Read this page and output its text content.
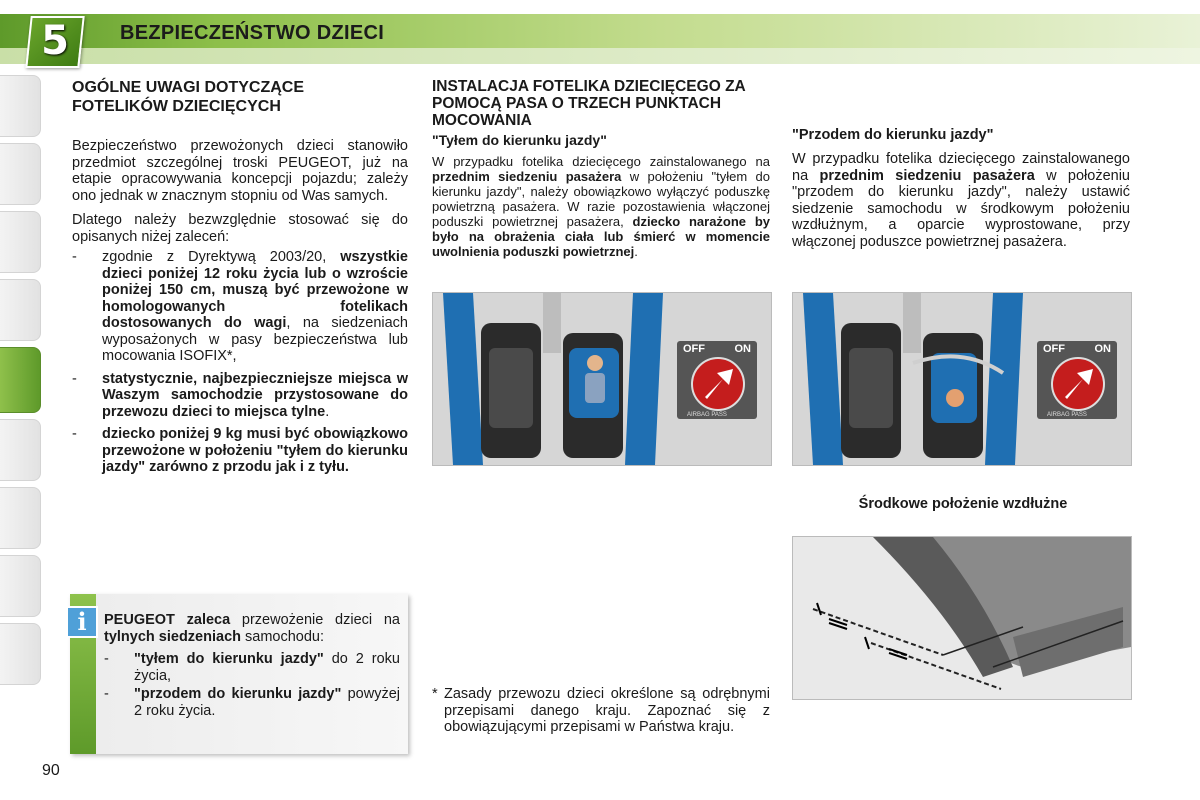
5	BEZPIECZEŃSTWO DZIECI
OGÓLNE UWAGI DOTYCZĄCE
FOTELIKÓW DZIECIĘCYCH

Bezpieczeństwo przewożonych dzieci stanowiło przedmiot szczególnej troski PEUGEOT, już na etapie opracowywania koncepcji pojazdu; zależy ono jednak w znacznym stopniu od Was samych.

Dlatego należy bezwzględnie stosować się do opisanych niżej zaleceń:

- zgodnie z Dyrektywą 2003/20, wszystkie dzieci poniżej 12 roku życia lub o wzroście poniżej 150 cm, muszą być przewożone w homologowanych fotelikach dostosowanych do wagi, na siedzeniach wyposażonych w pasy bezpieczeństwa lub mocowania ISOFIX*,
- statystycznie, najbezpieczniejsze miejsca w Waszym samochodzie przystosowane do przewozu dzieci to miejsca tylne.
- dziecko poniżej 9 kg musi być obowiązkowo przewożone w położeniu "tyłem do kierunku jazdy" zarówno z przodu jak i z tyłu.
i	PEUGEOT zaleca przewożenie dzieci na tylnych siedzeniach samochodu:
- "tyłem do kierunku jazdy" do 2 roku życia,
- "przodem do kierunku jazdy" powyżej 2 roku życia.
INSTALACJA FOTELIKA DZIECIĘCEGO ZA POMOCĄ PASA O TRZECH PUNKTACH MOCOWANIA
"Tyłem do kierunku jazdy"
W przypadku fotelika dziecięcego zainstalowanego na przednim siedzeniu pasażera w położeniu "tyłem do kierunku jazdy", należy obowiązkowo wyłączyć poduszkę powietrzną pasażera. W razie pozostawienia włączonej poduszki powietrznej pasażera, dziecko narażone by było na obrażenia ciała lub śmierć w momencie uwolnienia poduszki powietrznej.
"Przodem do kierunku jazdy"
W przypadku fotelika dziecięcego zainstalowanego na przednim siedzeniu pasażera w położeniu "przodem do kierunku jazdy", należy ustawić siedzenie samochodu w środkowym położeniu wzdłużnym, a oparcie wyprostowane, przy włączonej poduszce powietrznej pasażera.
OFF	ON
AIRBAG PASS
OFF	ON
AIRBAG PASS
Środkowe położenie wzdłużne
* Zasady przewozu dzieci określone są odrębnymi przepisami danego kraju. Zapoznać się z obowiązującymi przepisami w Państwa kraju.
90
